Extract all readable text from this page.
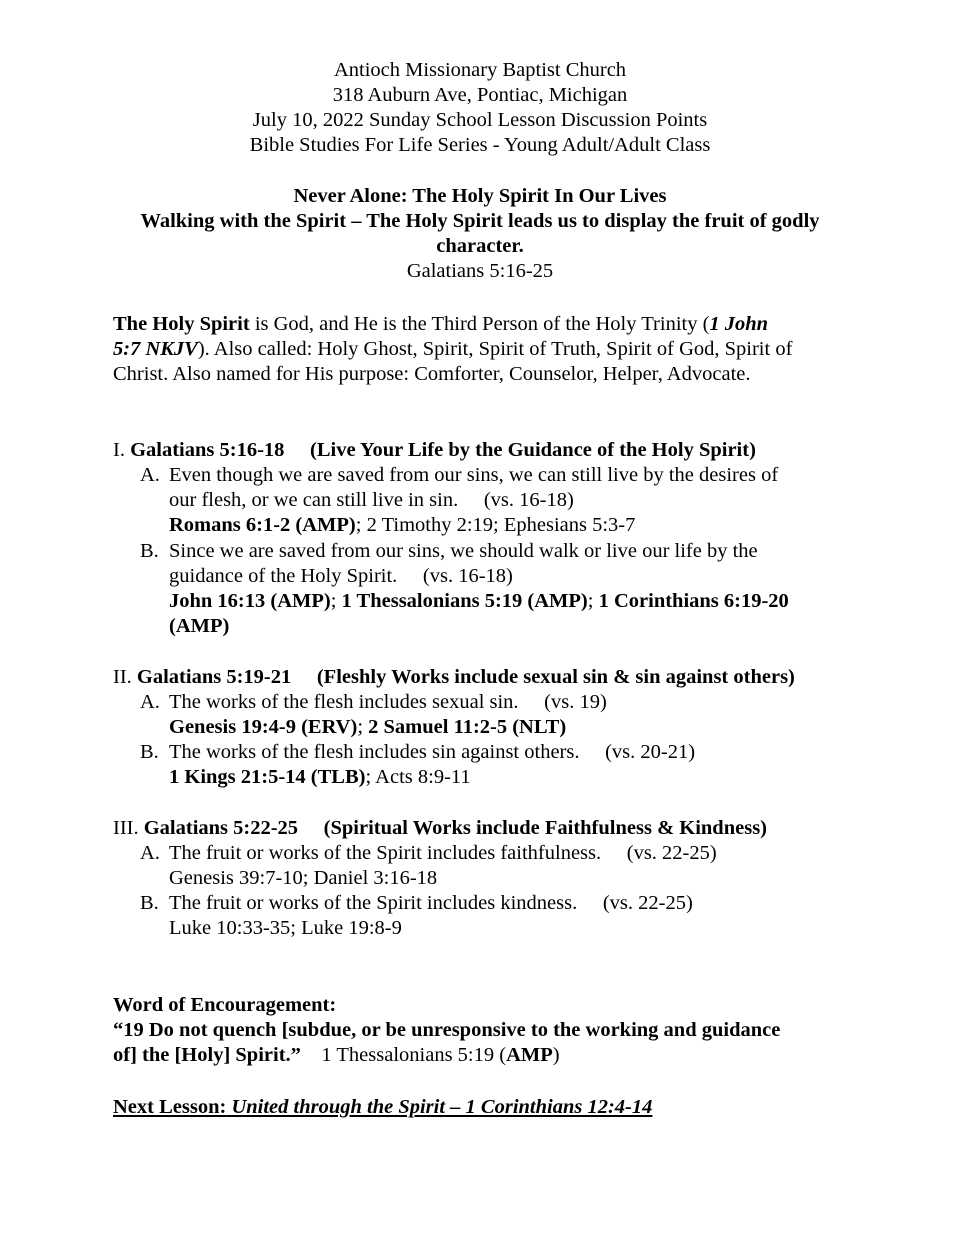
Antioch Missionary Baptist Church
318 Auburn Ave, Pontiac, Michigan
July 10, 2022 Sunday School Lesson Discussion Points
Bible Studies For Life Series - Young Adult/Adult Class
Never Alone: The Holy Spirit In Our Lives
Walking with the Spirit – The Holy Spirit leads us to display the fruit of godly
character.
Galatians 5:16-25
The Holy Spirit is God, and He is the Third Person of the Holy Trinity (1 John
5:7 NKJV). Also called: Holy Ghost, Spirit, Spirit of Truth, Spirit of God, Spirit of
Christ. Also named for His purpose: Comforter, Counselor, Helper, Advocate.
I. Galatians 5:16-18     (Live Your Life by the Guidance of the Holy Spirit)
A. Even though we are saved from our sins, we can still live by the desires of
our flesh, or we can still live in sin.     (vs. 16-18)
Romans 6:1-2 (AMP); 2 Timothy 2:19; Ephesians 5:3-7
B. Since we are saved from our sins, we should walk or live our life by the
guidance of the Holy Spirit.     (vs. 16-18)
John 16:13 (AMP); 1 Thessalonians 5:19 (AMP); 1 Corinthians 6:19-20
(AMP)
II. Galatians 5:19-21     (Fleshly Works include sexual sin & sin against others)
A. The works of the flesh includes sexual sin.     (vs. 19)
Genesis 19:4-9 (ERV); 2 Samuel 11:2-5 (NLT)
B. The works of the flesh includes sin against others.     (vs. 20-21)
1 Kings 21:5-14 (TLB); Acts 8:9-11
III. Galatians 5:22-25     (Spiritual Works include Faithfulness & Kindness)
A. The fruit or works of the Spirit includes faithfulness.     (vs. 22-25)
Genesis 39:7-10; Daniel 3:16-18
B. The fruit or works of the Spirit includes kindness.     (vs. 22-25)
Luke 10:33-35; Luke 19:8-9
Word of Encouragement:
“19 Do not quench [subdue, or be unresponsive to the working and guidance
of] the [Holy] Spirit.”    1 Thessalonians 5:19 (AMP)
Next Lesson: United through the Spirit – 1 Corinthians 12:4-14
